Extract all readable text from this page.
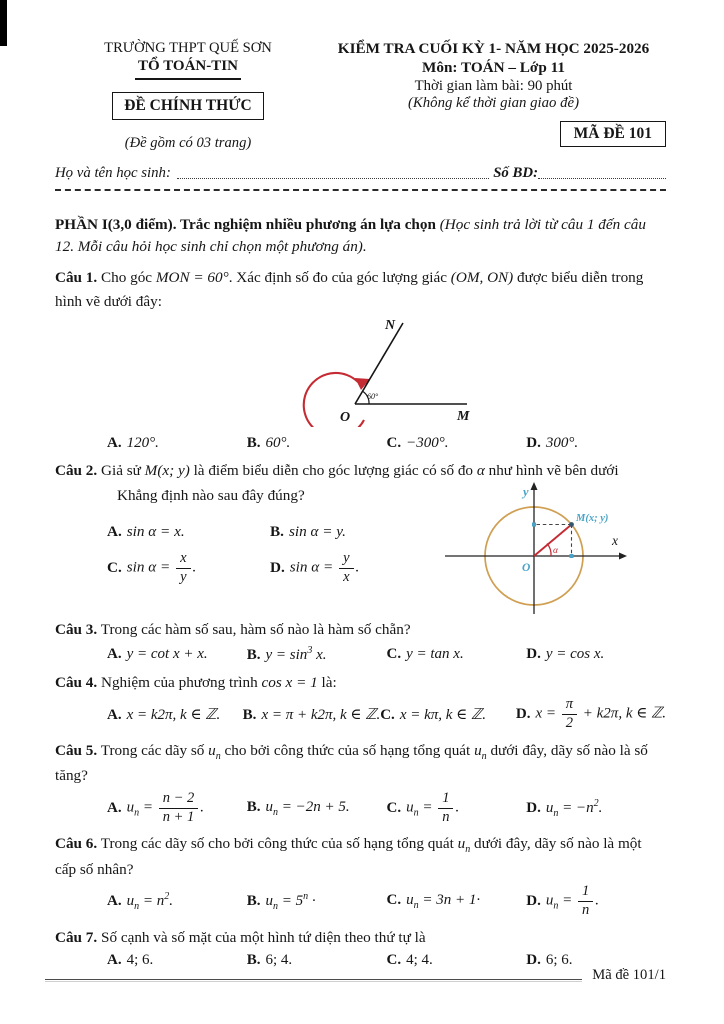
TRƯỜNG THPT QUẾ SƠN
TỔ TOÁN-TIN
ĐỀ CHÍNH THỨC
(Đề gồm có 03 trang)
KIỂM TRA CUỐI KỲ 1- NĂM HỌC 2025-2026
Môn: TOÁN – Lớp 11
Thời gian làm bài: 90 phút
(Không kể thời gian giao đề)
MÃ ĐỀ 101
Họ và tên học sinh:	Số BD:
PHẦN I(3,0 điểm). Trắc nghiệm nhiều phương án lựa chọn (Học sinh trả lời từ câu 1 đến câu 12. Mỗi câu hỏi học sinh chỉ chọn một phương án).
Câu 1. Cho góc MON = 60°. Xác định số đo của góc lượng giác (OM, ON) được biểu diễn trong hình vẽ dưới đây:
60°
N
M
O
A. 120°.	B. 60°.	C. −300°.	D. 300°.
Câu 2. Giả sử M(x; y) là điểm biểu diễn cho góc lượng giác có số đo α như hình vẽ bên dưới
Khẳng định nào sau đây đúng?
A. sin α = x.	B. sin α = y.
C. $\sin \alpha = \frac{x}{y}$ .	D. $\sin \alpha = \frac{y}{x}$ .
α
y
x
O
M(x; y)
Câu 3. Trong các hàm số sau, hàm số nào là hàm số chẵn?
A. y = cot x + x.	B. $y = \sin^3 x$.	C. y = tan x.	D. y = cos x.
Câu 4. Nghiệm của phương trình cos x = 1 là:
A. x = k2π, k ∈ ℤ.	B. x = π + k2π, k ∈ ℤ. C. x = kπ, k ∈ ℤ.	D. $x = \frac{\pi}{2} + k2\pi$, k ∈ ℤ.
Câu 5. Trong các dãy số $u_n$ cho bởi công thức của số hạng tổng quát $u_n$ dưới đây, dãy số nào là số tăng?
A. $u_n = \frac{n - 2}{n + 1}$ .	B. $u_n = -2n + 5$.	C. $u_n = \frac{1}{n}$ .	D. $u_n = -n^2$.
Câu 6. Trong các dãy số cho bởi công thức của số hạng tổng quát $u_n$ dưới đây, dãy số nào là một cấp số nhân?
A. $u_n = n^2$.	B. $u_n = 5^n$ ·	C. $u_n = 3n + 1\cdot$	D. $u_n = \frac{1}{n}$ .
Câu 7. Số cạnh và số mặt của một hình tứ diện theo thứ tự là
A. 4; 6.	B. 6; 4.	C. 4; 4.	D. 6; 6.
Mã đề 101/1
